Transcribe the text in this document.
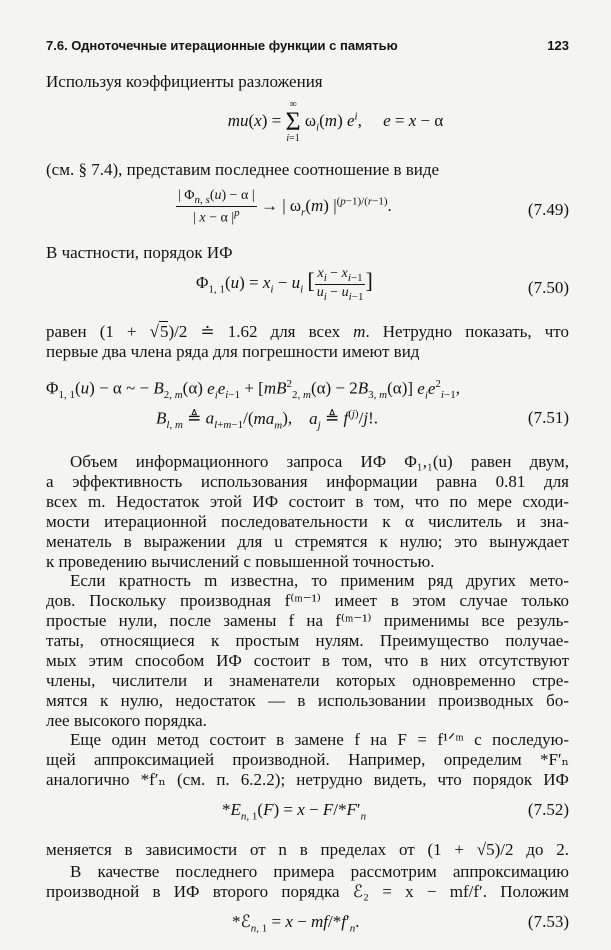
7.6. Одноточечные итерационные функции с памятью	123
Используя коэффициенты разложения
mu(x) =
∞
Σ
i=1
$\omega_i(m)$ $e^i$,     e = x − α
(см. § 7.4), представим последнее соотношение в виде
$\frac{| \Phi_{n, s}(u) - \alpha |}{| x - \alpha |^p}$ → | $\omega_r(m)$ $|^{(p-1)/(r-1)}$.	(7.49)
В частности, порядок ИФ
$\Phi_{1, 1}(u) = x_i - u_i$ [ $\frac{x_i - x_{i-1}}{u_i - u_{i-1}}$ ]	(7.50)
равен (1 + √5)/2 ≐ 1.62 для всех m. Нетрудно показать, что
первые два члена ряда для погрешности имеют вид
$\Phi_{1, 1}(u) - \alpha$ ~ − $B_{2, m}(\alpha) e_ie_{i-1} + [mB^2_{2, m}(\alpha) - 2B_{3, m}(\alpha)]$ $e_ie^2_{i-1}$,
$B_{l, m}$ ≜ $a_{l+m-1}/(ma_m)$,    $a_j$ ≜ $f^{(j)}/j$!.	(7.51)
Объем информационного запроса ИФ Φ₁,₁(u) равен двум,
а эффективность использования информации равна 0.81 для
всех m. Недостаток этой ИФ состоит в том, что по мере сходи-
мости итерационной последовательности к α числитель и зна-
менатель в выражении для u стремятся к нулю; это вынуждает
к проведению вычислений с повышенной точностью.
Если кратность m известна, то применим ряд других мето-
дов. Поскольку производная f⁽ᵐ⁻¹⁾ имеет в этом случае только
простые нули, после замены f на f⁽ᵐ⁻¹⁾ применимы все резуль-
таты, относящиеся к простым нулям. Преимущество получае-
мых этим способом ИФ состоит в том, что в них отсутствуют
члены, числители и знаменатели которых одновременно стре-
мятся к нулю, недостаток — в использовании производных бо-
лее высокого порядка.
Еще один метод состоит в замене f на F = f¹ᐟᵐ с последую-
щей аппроксимацией производной. Например, определим *F′ₙ
аналогично *f′ₙ (см. п. 6.2.2); нетрудно видеть, что порядок ИФ
$*E_{n, 1}(F) = x - F/*F'_n$	(7.52)
меняется в зависимости от n в пределах от (1 + √5)/2 до 2.
В качестве последнего примера рассмотрим аппроксимацию
производной в ИФ второго порядка ℰ₂ = x − mf/f′. Положим
*ℰ$_{n, 1}$ = $x - mf/*f'_n$.	(7.53)
